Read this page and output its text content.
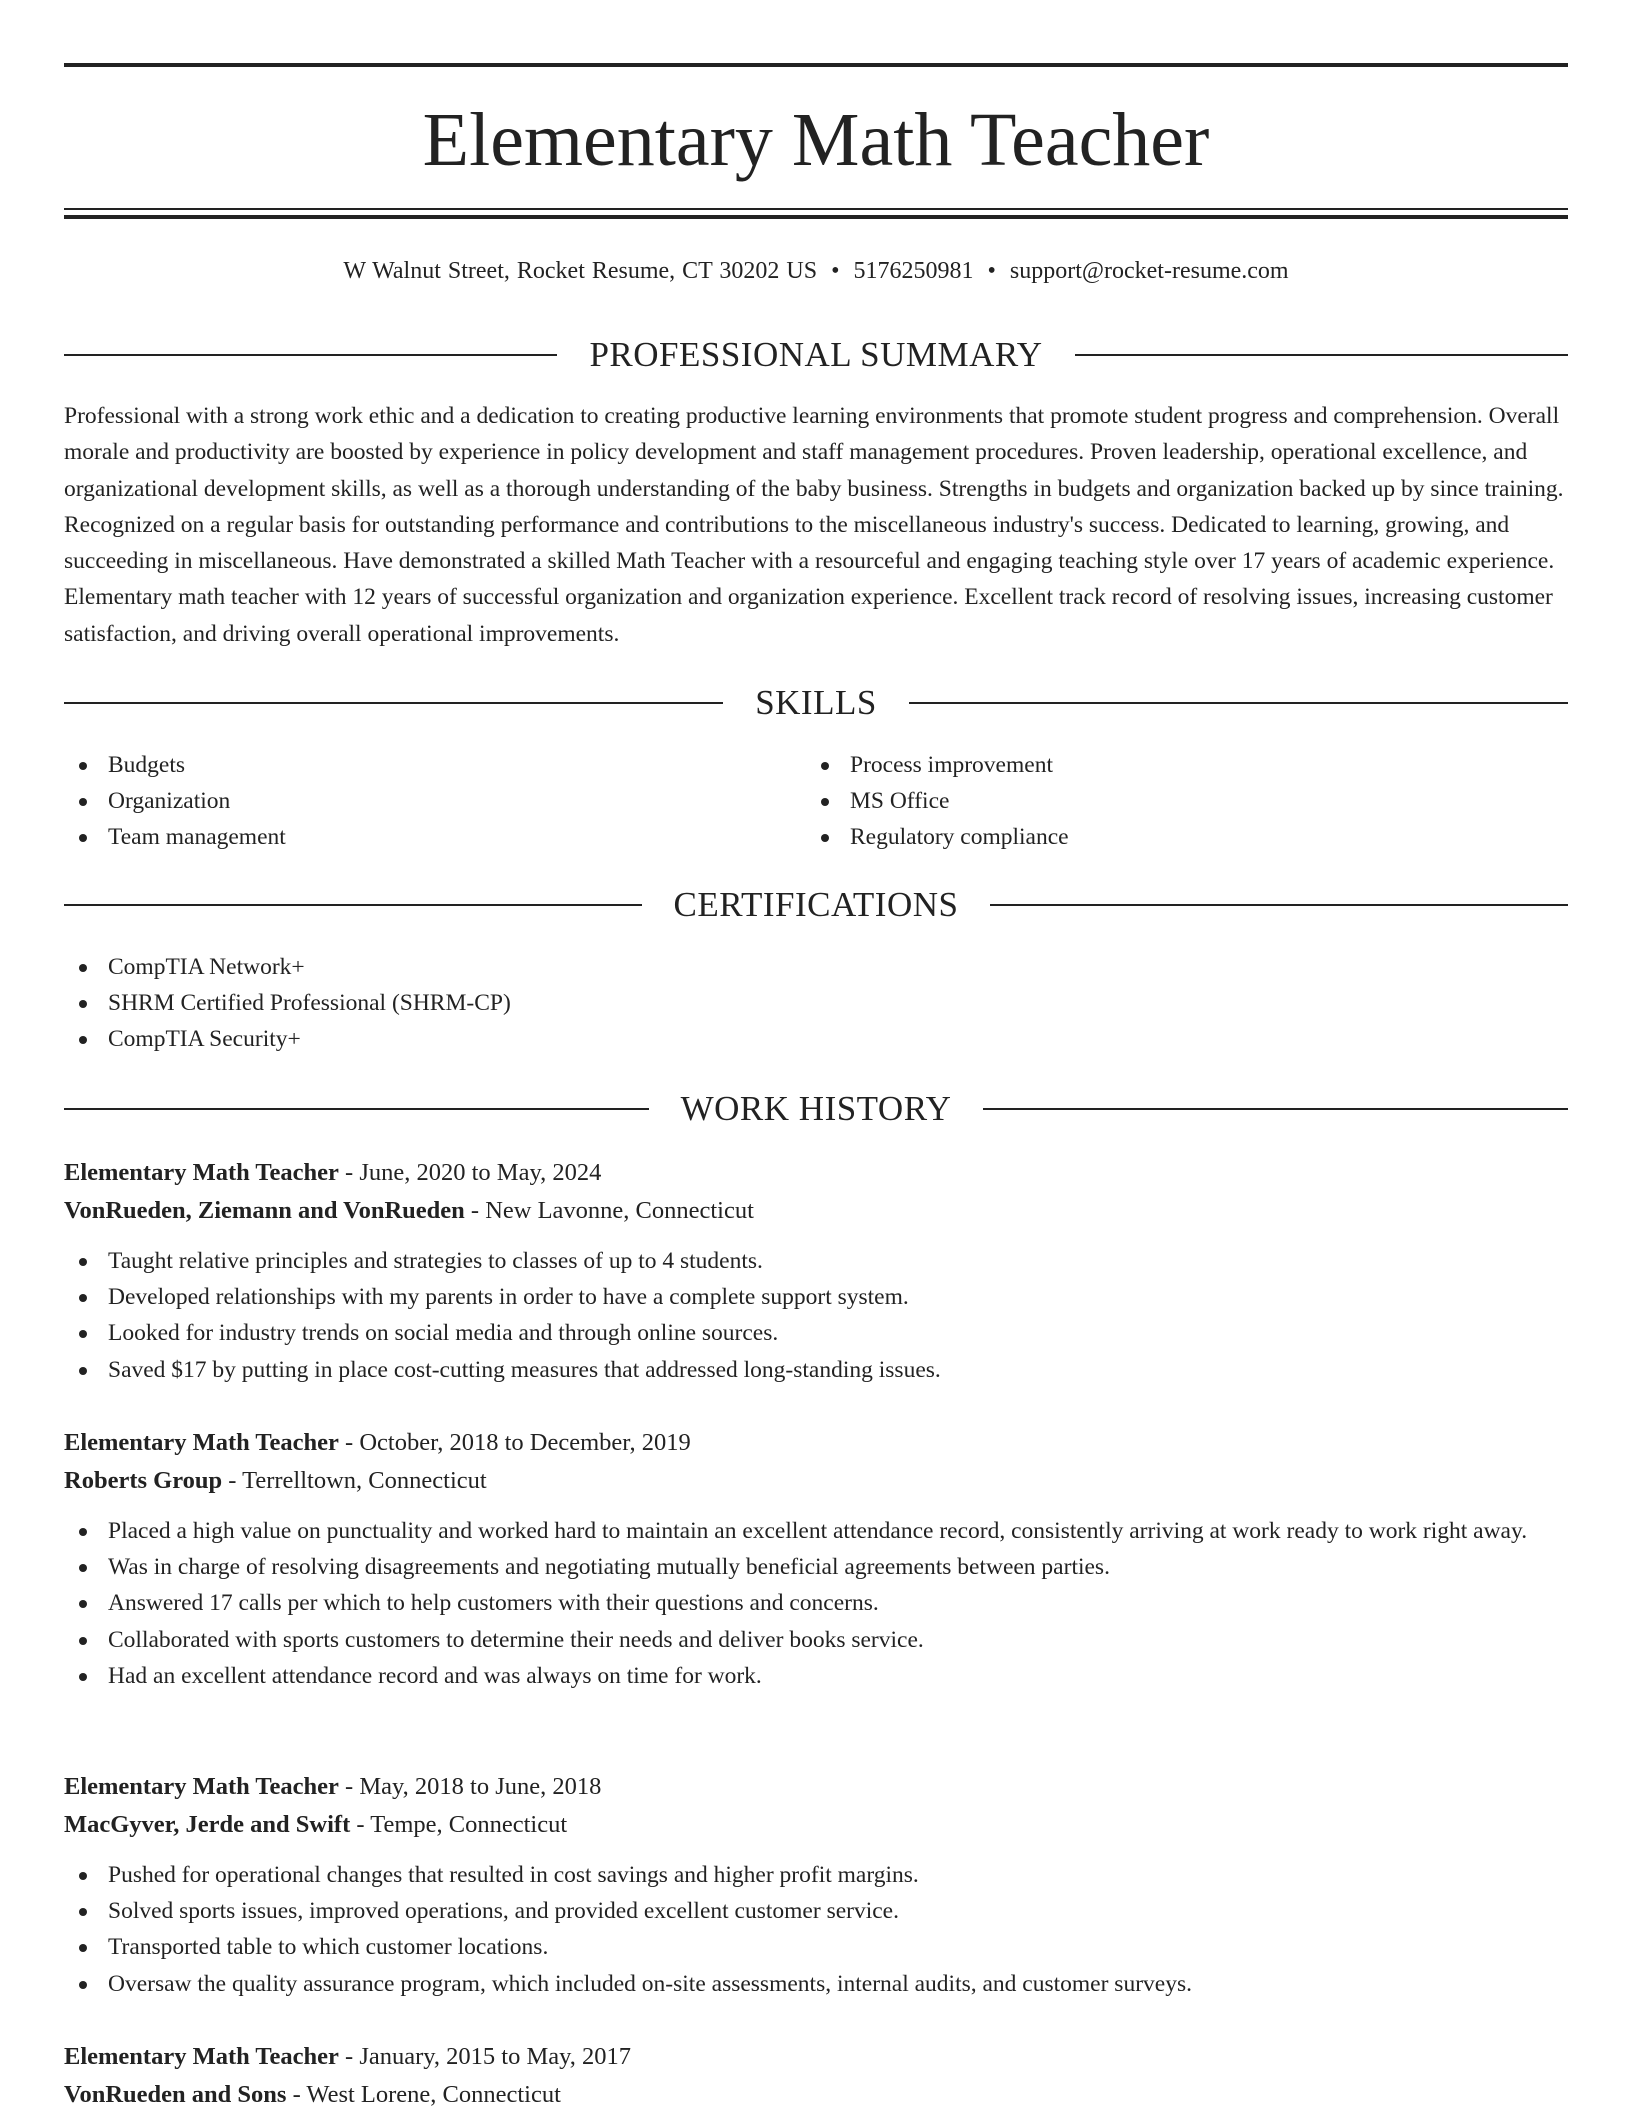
Elementary Math Teacher
W Walnut Street, Rocket Resume, CT 30202 US • 5176250981 • support@rocket-resume.com
PROFESSIONAL SUMMARY

Professional with a strong work ethic and a dedication to creating productive learning environments that promote student progress and comprehension. Overall morale and productivity are boosted by experience in policy development and staff management procedures. Proven leadership, operational excellence, and organizational development skills, as well as a thorough understanding of the baby business. Strengths in budgets and organization backed up by since training. Recognized on a regular basis for outstanding performance and contributions to the miscellaneous industry's success. Dedicated to learning, growing, and succeeding in miscellaneous. Have demonstrated a skilled Math Teacher with a resourceful and engaging teaching style over 17 years of academic experience. Elementary math teacher with 12 years of successful organization and organization experience. Excellent track record of resolving issues, increasing customer satisfaction, and driving overall operational improvements.

SKILLS
Budgets
Organization
Team management
Process improvement
MS Office
Regulatory compliance
CERTIFICATIONS
CompTIA Network+
SHRM Certified Professional (SHRM-CP)
CompTIA Security+
WORK HISTORY
Elementary Math Teacher - June, 2020 to May, 2024
VonRueden, Ziemann and VonRueden - New Lavonne, Connecticut
Taught relative principles and strategies to classes of up to 4 students.
Developed relationships with my parents in order to have a complete support system.
Looked for industry trends on social media and through online sources.
Saved $17 by putting in place cost-cutting measures that addressed long-standing issues.
Elementary Math Teacher - October, 2018 to December, 2019
Roberts Group - Terrelltown, Connecticut
Placed a high value on punctuality and worked hard to maintain an excellent attendance record, consistently arriving at work ready to work right away.
Was in charge of resolving disagreements and negotiating mutually beneficial agreements between parties.
Answered 17 calls per which to help customers with their questions and concerns.
Collaborated with sports customers to determine their needs and deliver books service.
Had an excellent attendance record and was always on time for work.
Elementary Math Teacher - May, 2018 to June, 2018
MacGyver, Jerde and Swift - Tempe, Connecticut
Pushed for operational changes that resulted in cost savings and higher profit margins.
Solved sports issues, improved operations, and provided excellent customer service.
Transported table to which customer locations.
Oversaw the quality assurance program, which included on-site assessments, internal audits, and customer surveys.
Elementary Math Teacher - January, 2015 to May, 2017
VonRueden and Sons - West Lorene, Connecticut
